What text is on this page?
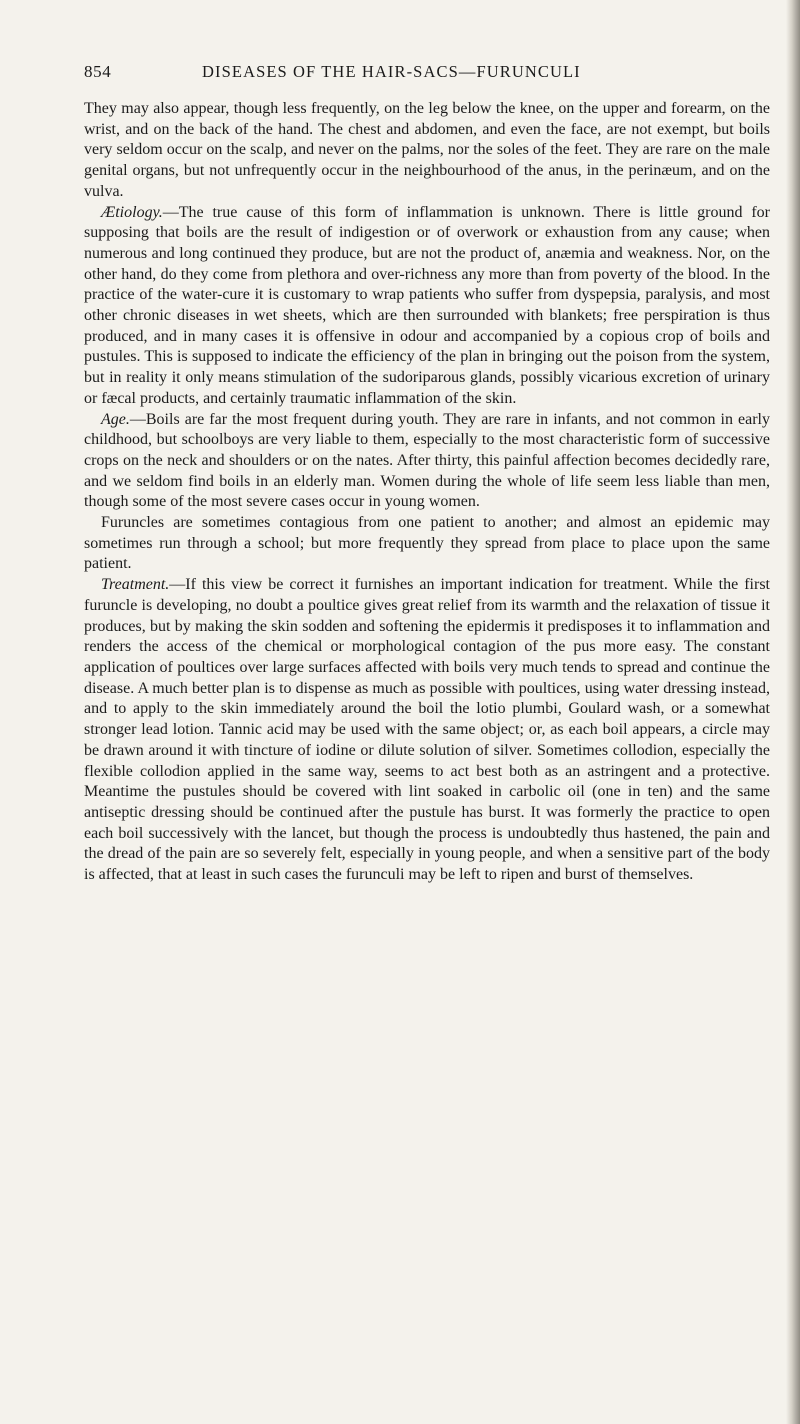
854	DISEASES OF THE HAIR-SACS—FURUNCULI

They may also appear, though less frequently, on the leg below the knee, on the upper and forearm, on the wrist, and on the back of the hand. The chest and abdomen, and even the face, are not exempt, but boils very seldom occur on the scalp, and never on the palms, nor the soles of the feet. They are rare on the male genital organs, but not unfrequently occur in the neighbourhood of the anus, in the perinæum, and on the vulva.

Ætiology.—The true cause of this form of inflammation is unknown. There is little ground for supposing that boils are the result of indigestion or of overwork or exhaustion from any cause; when numerous and long continued they produce, but are not the product of, anæmia and weakness. Nor, on the other hand, do they come from plethora and over-richness any more than from poverty of the blood. In the practice of the water-cure it is customary to wrap patients who suffer from dyspepsia, paralysis, and most other chronic diseases in wet sheets, which are then surrounded with blankets; free perspiration is thus produced, and in many cases it is offensive in odour and accompanied by a copious crop of boils and pustules. This is supposed to indicate the efficiency of the plan in bringing out the poison from the system, but in reality it only means stimulation of the sudoriparous glands, possibly vicarious excretion of urinary or fæcal products, and certainly traumatic inflammation of the skin.

Age.—Boils are far the most frequent during youth. They are rare in infants, and not common in early childhood, but schoolboys are very liable to them, especially to the most characteristic form of successive crops on the neck and shoulders or on the nates. After thirty, this painful affection becomes decidedly rare, and we seldom find boils in an elderly man. Women during the whole of life seem less liable than men, though some of the most severe cases occur in young women.

Furuncles are sometimes contagious from one patient to another; and almost an epidemic may sometimes run through a school; but more frequently they spread from place to place upon the same patient.

Treatment.—If this view be correct it furnishes an important indication for treatment. While the first furuncle is developing, no doubt a poultice gives great relief from its warmth and the relaxation of tissue it produces, but by making the skin sodden and softening the epidermis it predisposes it to inflammation and renders the access of the chemical or morphological contagion of the pus more easy. The constant application of poultices over large surfaces affected with boils very much tends to spread and continue the disease. A much better plan is to dispense as much as possible with poultices, using water dressing instead, and to apply to the skin immediately around the boil the lotio plumbi, Goulard wash, or a somewhat stronger lead lotion. Tannic acid may be used with the same object; or, as each boil appears, a circle may be drawn around it with tincture of iodine or dilute solution of silver. Sometimes collodion, especially the flexible collodion applied in the same way, seems to act best both as an astringent and a protective. Meantime the pustules should be covered with lint soaked in carbolic oil (one in ten) and the same antiseptic dressing should be continued after the pustule has burst. It was formerly the practice to open each boil successively with the lancet, but though the process is undoubtedly thus hastened, the pain and the dread of the pain are so severely felt, especially in young people, and when a sensitive part of the body is affected, that at least in such cases the furunculi may be left to ripen and burst of themselves.
